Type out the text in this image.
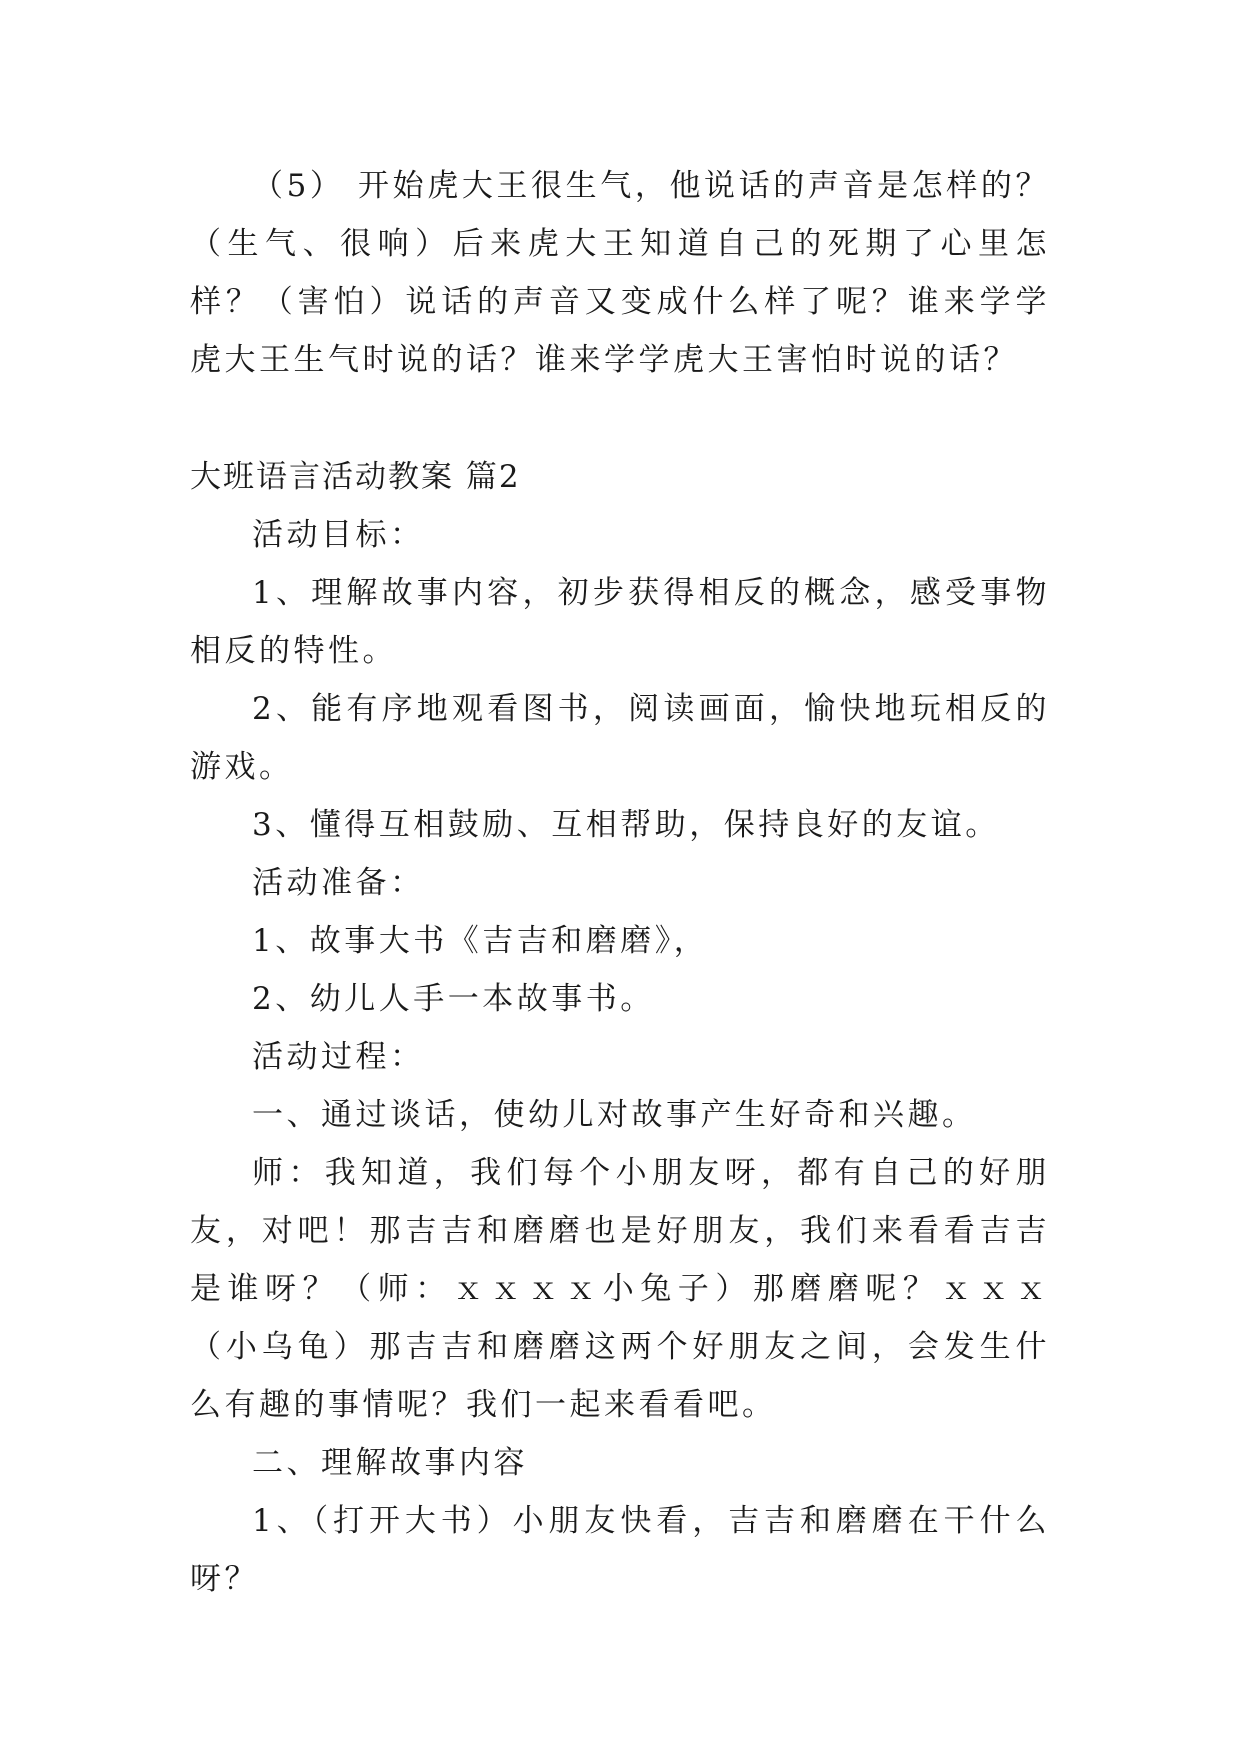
（5） 开始虎大王很生气，他说话的声音是怎样的？（生气、很响）后来虎大王知道自己的死期了心里怎样？（害怕）说话的声音又变成什么样了呢？谁来学学虎大王生气时说的话？谁来学学虎大王害怕时说的话？

大班语言活动教案 篇2

活动目标：

1、理解故事内容，初步获得相反的概念，感受事物相反的特性。

2、能有序地观看图书，阅读画面，愉快地玩相反的游戏。

3、懂得互相鼓励、互相帮助，保持良好的友谊。

活动准备：

1、故事大书《吉吉和磨磨》，

2、幼儿人手一本故事书。

活动过程：

一、通过谈话，使幼儿对故事产生好奇和兴趣。

师：我知道，我们每个小朋友呀，都有自己的好朋友，对吧！那吉吉和磨磨也是好朋友，我们来看看吉吉是谁呀？（师：ｘｘｘｘ小兔子）那磨磨呢？ｘｘｘ（小乌龟）那吉吉和磨磨这两个好朋友之间，会发生什么有趣的事情呢？我们一起来看看吧。

二、理解故事内容

1、（打开大书）小朋友快看，吉吉和磨磨在干什么呀？
